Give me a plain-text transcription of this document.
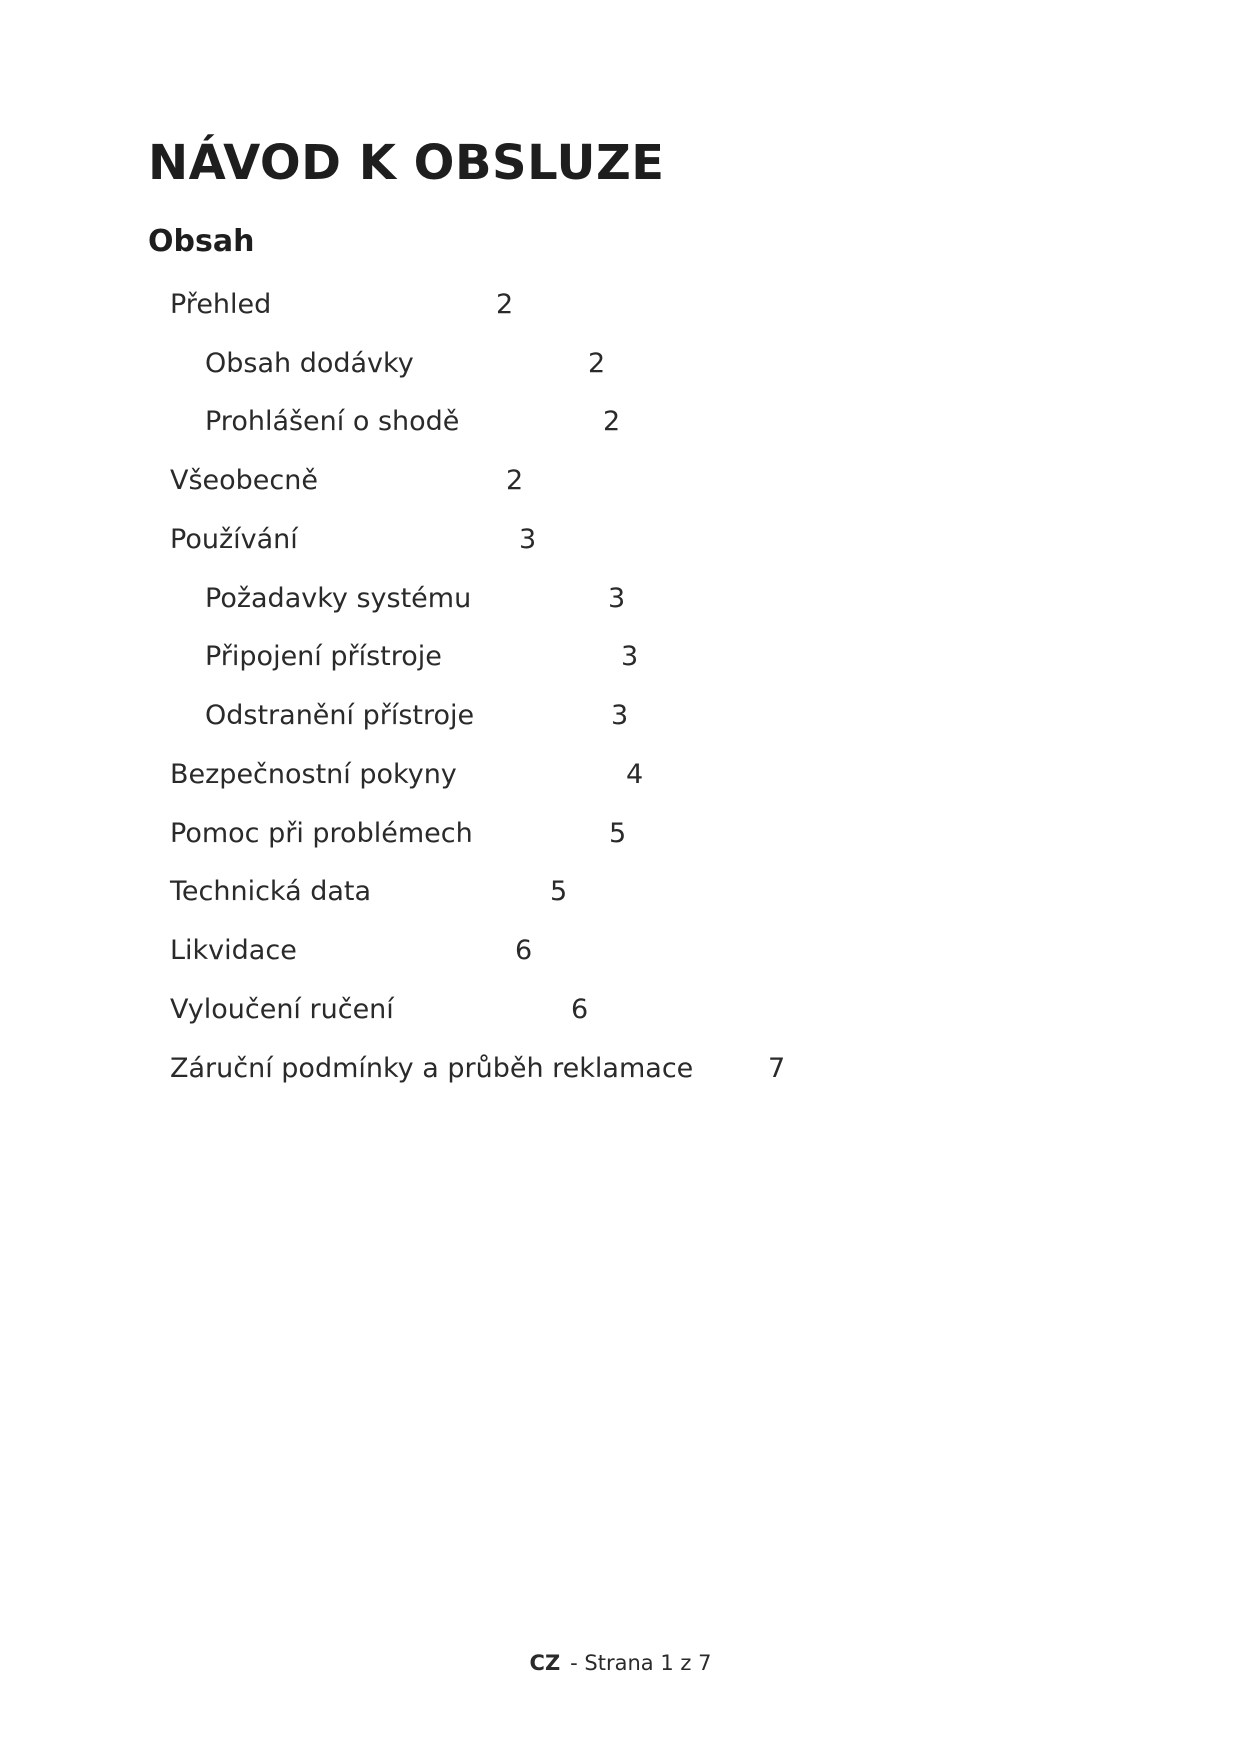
NÁVOD K OBSLUZE
Obsah
Přehled	2
Obsah dodávky	2
Prohlášení o shodě	2
Všeobecně	2
Používání	3
Požadavky systému	3
Připojení přístroje	3
Odstranění přístroje	3
Bezpečnostní pokyny	4
Pomoc při problémech	5
Technická data	5
Likvidace	6
Vyloučení ručení	6
Záruční podmínky a průběh reklamace	7
CZ - Strana 1 z 7
